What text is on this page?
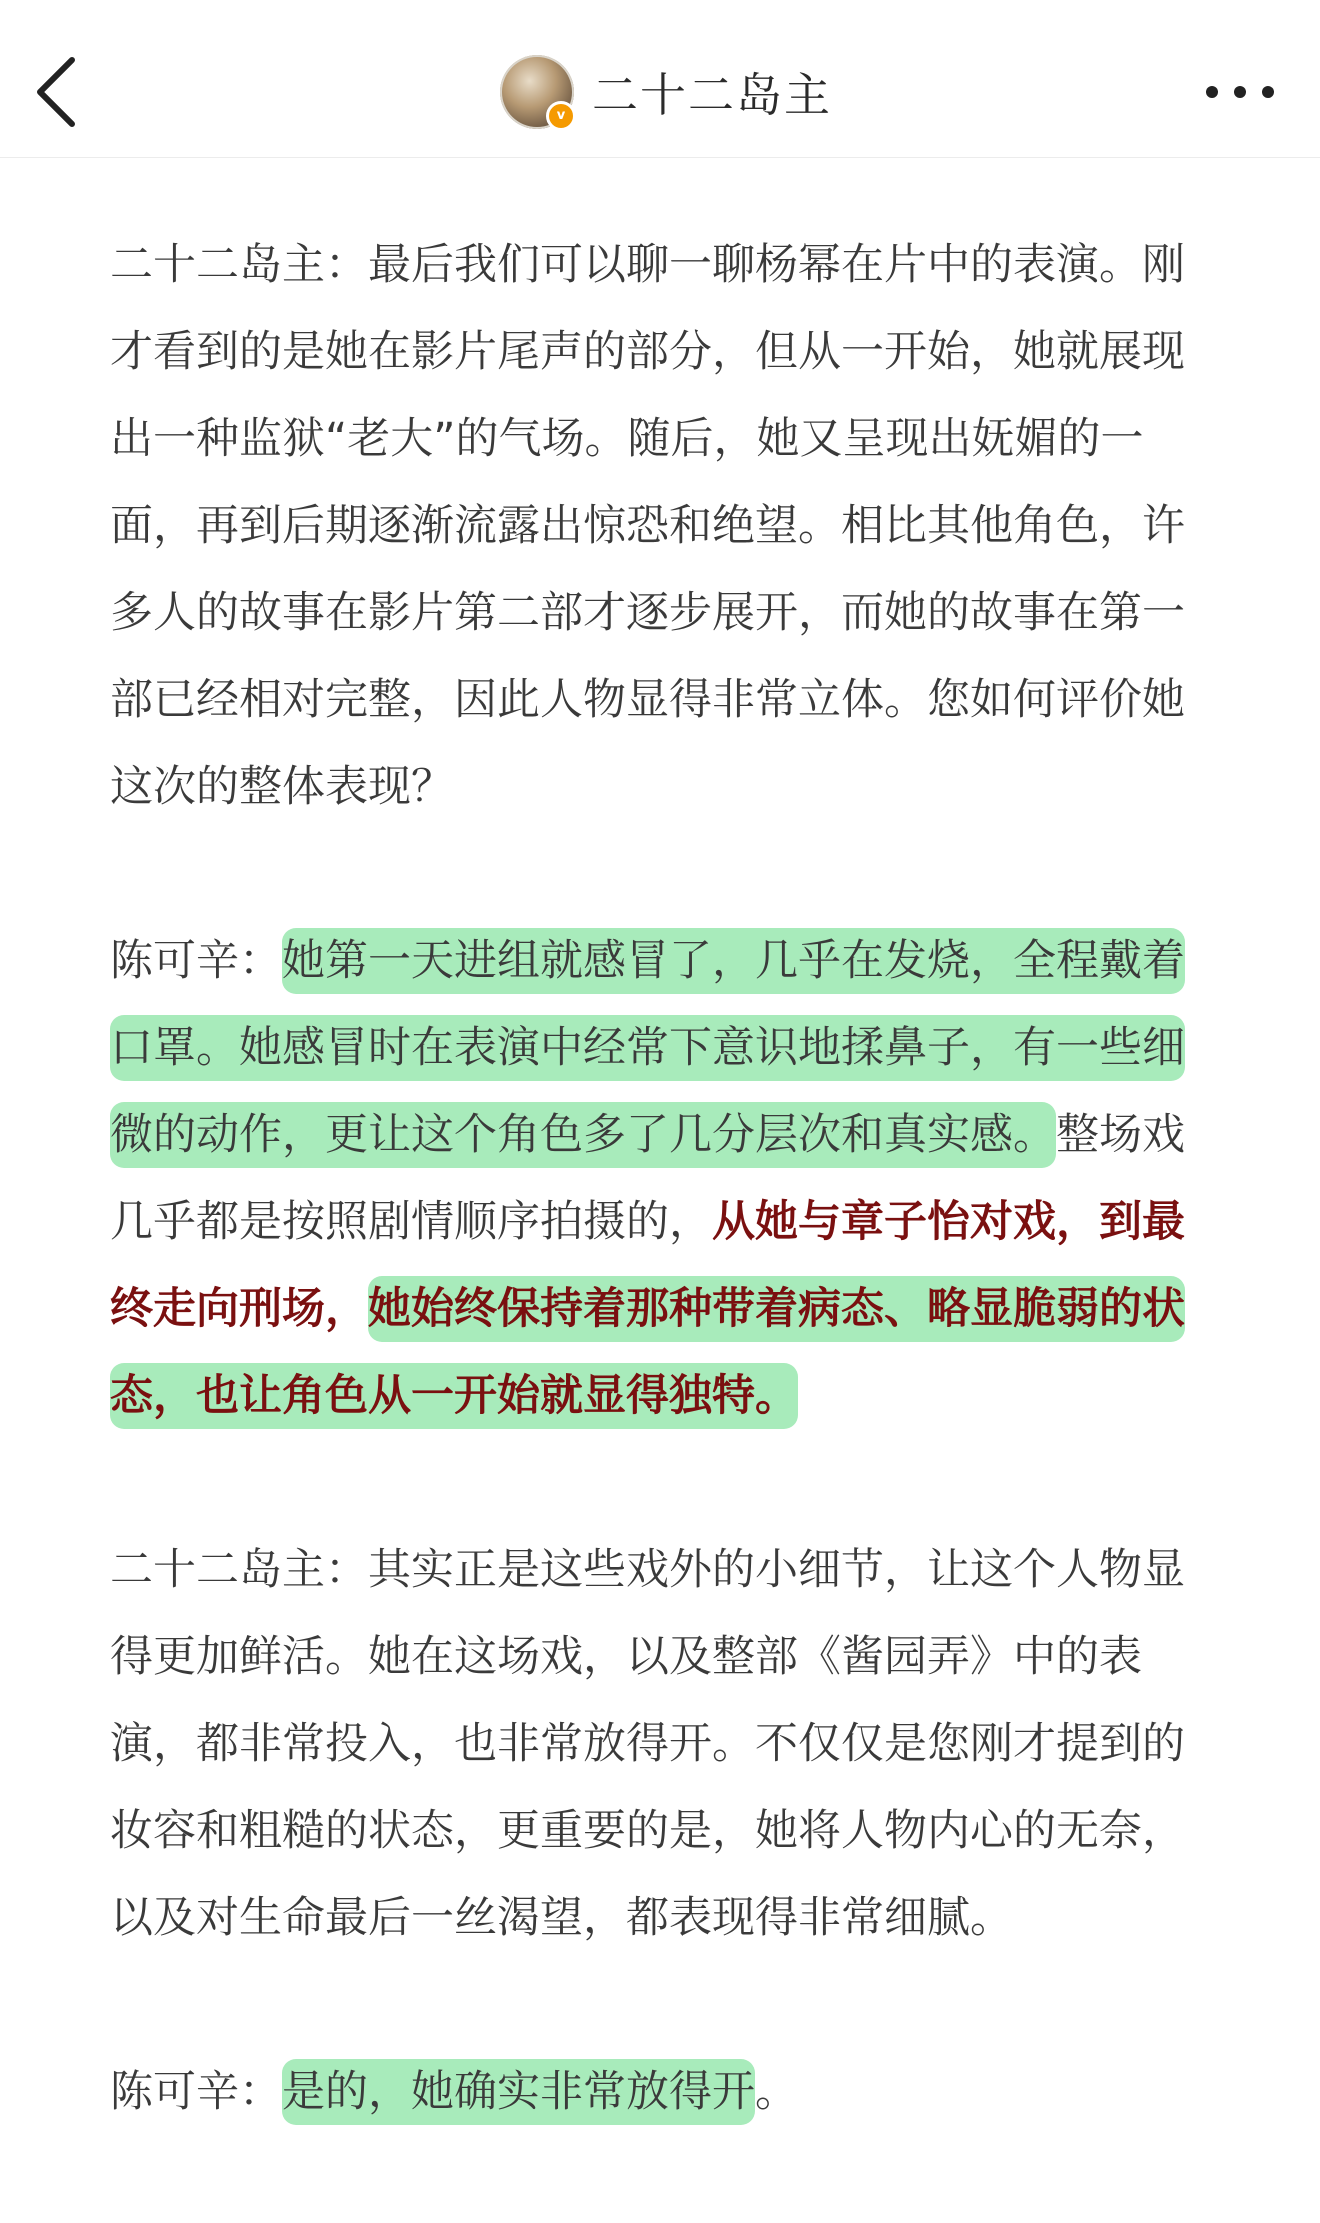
v 二十二岛主

二十二岛主：最后我们可以聊一聊杨幂在片中的表演。刚才看到的是她在影片尾声的部分，但从一开始，她就展现出一种监狱“老大”的气场。随后，她又呈现出妩媚的一面，再到后期逐渐流露出惊恐和绝望。相比其他角色，许多人的故事在影片第二部才逐步展开，而她的故事在第一部已经相对完整，因此人物显得非常立体。您如何评价她这次的整体表现？

陈可辛：她第一天进组就感冒了，几乎在发烧，全程戴着口罩。她感冒时在表演中经常下意识地揉鼻子，有一些细微的动作，更让这个角色多了几分层次和真实感。整场戏几乎都是按照剧情顺序拍摄的，从她与章子怡对戏，到最终走向刑场，她始终保持着那种带着病态、略显脆弱的状态，也让角色从一开始就显得独特。

二十二岛主：其实正是这些戏外的小细节，让这个人物显得更加鲜活。她在这场戏，以及整部《酱园弄》中的表演，都非常投入，也非常放得开。不仅仅是您刚才提到的妆容和粗糙的状态，更重要的是，她将人物内心的无奈，以及对生命最后一丝渴望，都表现得非常细腻。

陈可辛：是的，她确实非常放得开。
